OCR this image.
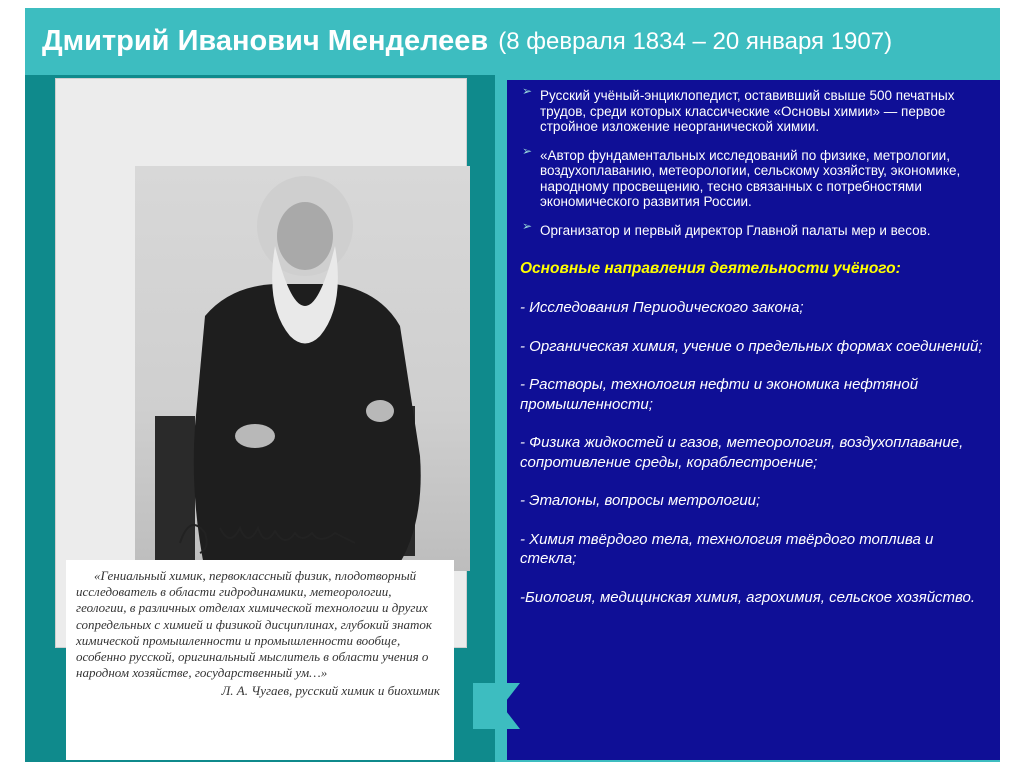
Дмитрий Иванович Менделеев (8 февраля 1834 – 20 января 1907)
«Гениальный химик, первоклассный физик, плодотворный исследователь в области гидродинамики, метеорологии, геологии, в различных отделах химической технологии и других сопредельных с химией и физикой дисциплинах, глубокий знаток химической промышленности и промышленности вообще, особенно русской, оригинальный мыслитель в области учения о народном хозяйстве, государственный ум…»
Л. А. Чугаев, русский химик и биохимик
➢ Русский учёный-энциклопедист, оставивший свыше 500 печатных трудов, среди которых классические «Основы химии» — первое стройное изложение неорганической химии.
➢ «Автор фундаментальных исследований по физике, метрологии, воздухоплаванию, метеорологии, сельскому хозяйству, экономике, народному просвещению, тесно связанных с потребностями экономического развития России.
➢ Организатор и первый директор Главной палаты мер и весов.
Основные направления деятельности учёного:
- Исследования Периодического закона;
- Органическая химия, учение о предельных формах соединений;
- Растворы, технология нефти и экономика нефтяной промышленности;
- Физика жидкостей и газов, метеорология, воздухоплавание, сопротивление среды, кораблестроение;
- Эталоны, вопросы метрологии;
- Химия твёрдого тела, технология твёрдого топлива и стекла;
-Биология, медицинская химия, агрохимия, сельское хозяйство.
